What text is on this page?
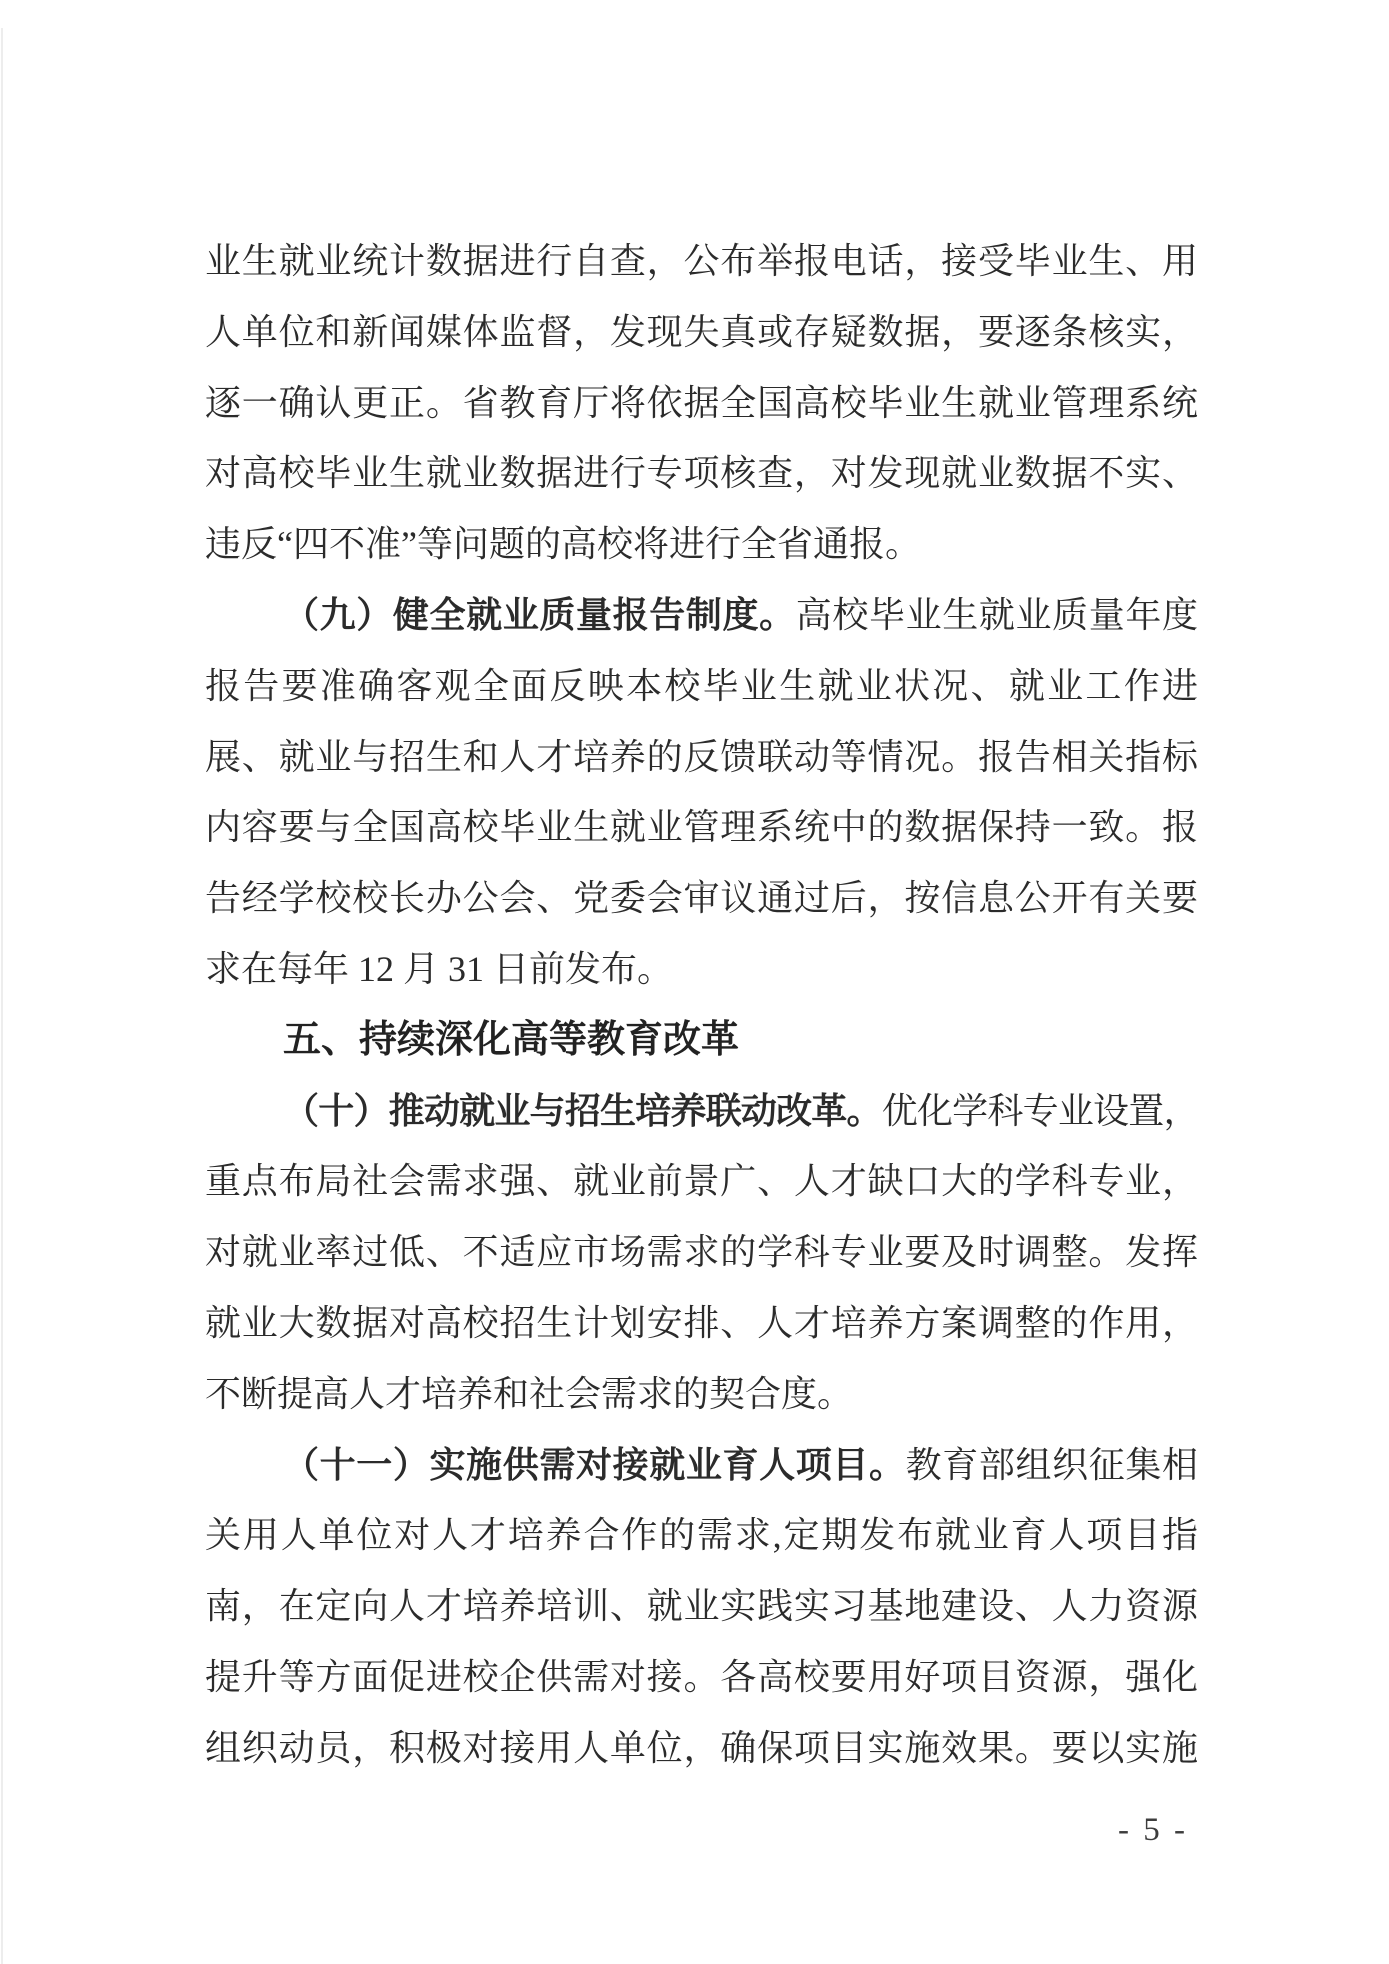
业生就业统计数据进行自查，公布举报电话，接受毕业生、用
人单位和新闻媒体监督，发现失真或存疑数据，要逐条核实，
逐一确认更正。省教育厅将依据全国高校毕业生就业管理系统
对高校毕业生就业数据进行专项核查，对发现就业数据不实、
违反“四不准”等问题的高校将进行全省通报。
（九）健全就业质量报告制度。高校毕业生就业质量年度
报告要准确客观全面反映本校毕业生就业状况、就业工作进
展、就业与招生和人才培养的反馈联动等情况。报告相关指标
内容要与全国高校毕业生就业管理系统中的数据保持一致。报
告经学校校长办公会、党委会审议通过后，按信息公开有关要
求在每年 12 月 31 日前发布。
五、持续深化高等教育改革
（十）推动就业与招生培养联动改革。优化学科专业设置，
重点布局社会需求强、就业前景广、人才缺口大的学科专业，
对就业率过低、不适应市场需求的学科专业要及时调整。发挥
就业大数据对高校招生计划安排、人才培养方案调整的作用，
不断提高人才培养和社会需求的契合度。
（十一）实施供需对接就业育人项目。教育部组织征集相
关用人单位对人才培养合作的需求,定期发布就业育人项目指
南，在定向人才培养培训、就业实践实习基地建设、人力资源
提升等方面促进校企供需对接。各高校要用好项目资源，强化
组织动员，积极对接用人单位，确保项目实施效果。要以实施
- 5 -
